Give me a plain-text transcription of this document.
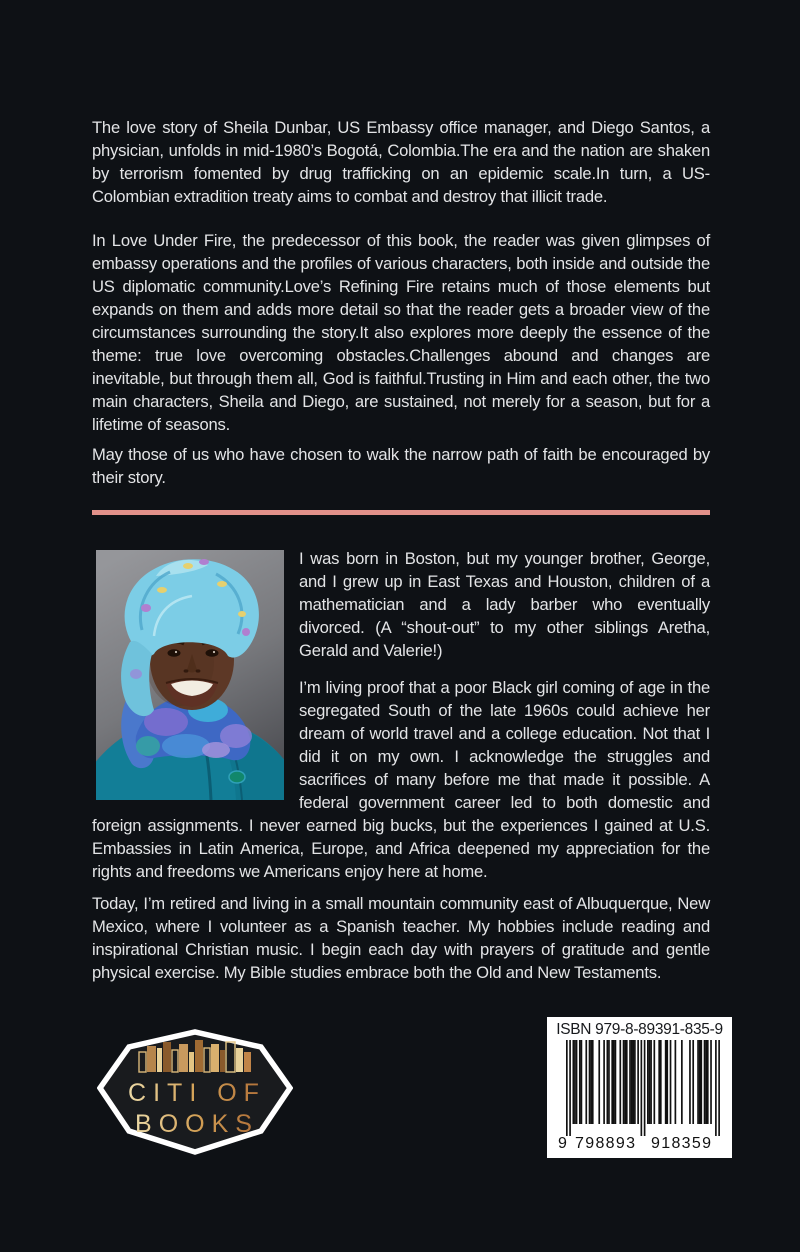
The love story of Sheila Dunbar, US Embassy office manager, and Diego Santos, a physician, unfolds in mid-1980’s Bogotá, Colombia.The era and the nation are shaken by terrorism fomented by drug trafficking on an epidemic scale.In turn, a US-Colombian extradition treaty aims to combat and destroy that illicit trade.

In Love Under Fire, the predecessor of this book, the reader was given glimpses of embassy operations and the profiles of various characters, both inside and outside the US diplomatic community.Love’s Refining Fire retains much of those elements but expands on them and adds more detail so that the reader gets a broader view of the circumstances surrounding the story.It also explores more deeply the essence of the theme: true love overcoming obstacles.Challenges abound and changes are inevitable, but through them all, God is faithful.Trusting in Him and each other, the two main characters, Sheila and Diego, are sustained, not merely for a season, but for a lifetime of seasons.

May those of us who have chosen to walk the narrow path of faith be encouraged by their story.

I was born in Boston, but my younger brother, George, and I grew up in East Texas and Houston, children of a mathematician and a lady barber who eventually divorced. (A “shout-out” to my other siblings Aretha, Gerald and Valerie!)

I’m living proof that a poor Black girl coming of age in the segregated South of the late 1960s could achieve her dream of world travel and a college education. Not that I did it on my own. I acknowledge the struggles and sacrifices of many before me that made it possible. A federal government career led to both domestic and foreign assignments. I never earned big bucks, but the experiences I gained at U.S. Embassies in Latin America, Europe, and Africa deepened my appreciation for the rights and freedoms we Americans enjoy here at home.

Today, I’m retired and living in a small mountain community east of Albuquerque, New Mexico, where I volunteer as a Spanish teacher. My hobbies include reading and inspirational Christian music. I begin each day with prayers of gratitude and gentle physical exercise. My Bible studies embrace both the Old and New Testaments.

CITI OF
BOOKS
ISBN 979-8-89391-835-9
9 798893 918359
